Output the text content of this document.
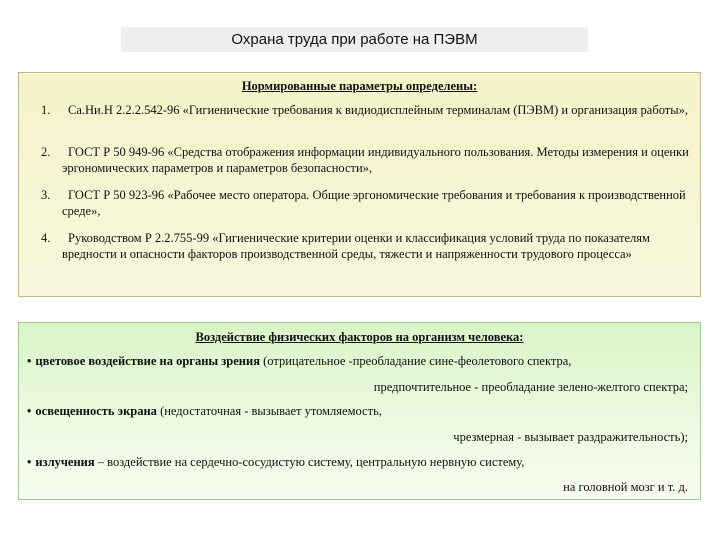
Охрана труда при работе на ПЭВМ
Нормированные параметры определены:
1.	Са.Ни.Н 2.2.2.542-96 «Гигиенические требования к видиодисплейным терминалам (ПЭВМ) и организация работы»,
2.	ГОСТ Р 50 949-96 «Средства отображения информации индивидуального пользования. Методы измерения и оценки эргономических параметров и параметров безопасности»,
3.	ГОСТ Р 50 923-96 «Рабочее место оператора. Общие эргономические требования и требования к производственной среде»,
4.	Руководством Р 2.2.755-99 «Гигиенические критерии оценки и классификация условий труда по показателям вредности и опасности факторов производственной среды, тяжести и напряженности трудового процесса»
Воздействие физических факторов на организм человека:
• цветовое воздействие на органы зрения (отрицательное -преобладание сине-феолетового спектра,
предпочтительное - преобладание зелено-желтого спектра;
• освещенность экрана (недостаточная - вызывает утомляемость,
чрезмерная - вызывает раздражительность);
• излучения – воздействие на сердечно-сосудистую систему, центральную нервную систему,
на головной мозг и т. д.
